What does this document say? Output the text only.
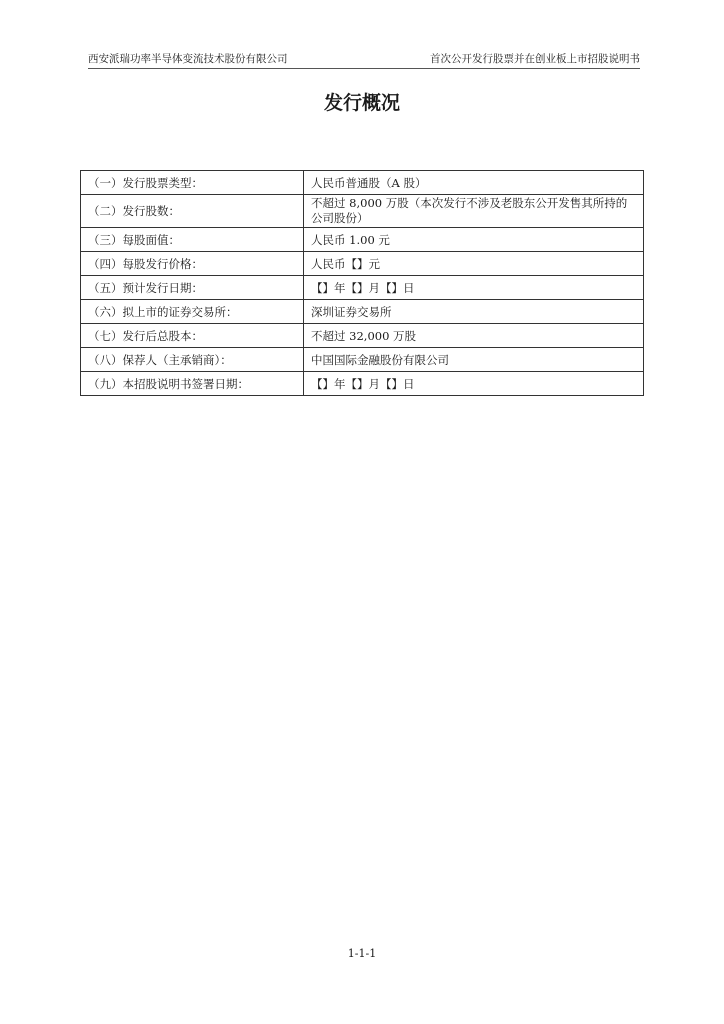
西安派瑞功率半导体变流技术股份有限公司	首次公开发行股票并在创业板上市招股说明书
发行概况
（一）发行股票类型：	人民币普通股（A 股）
（二）发行股数：	不超过 8,000 万股（本次发行不涉及老股东公开发售其所持的公司股份）
（三）每股面值：	人民币 1.00 元
（四）每股发行价格：	人民币【】元
（五）预计发行日期：	【】年【】月【】日
（六）拟上市的证券交易所：	深圳证券交易所
（七）发行后总股本：	不超过 32,000 万股
（八）保荐人（主承销商）：	中国国际金融股份有限公司
（九）本招股说明书签署日期：	【】年【】月【】日
1-1-1
